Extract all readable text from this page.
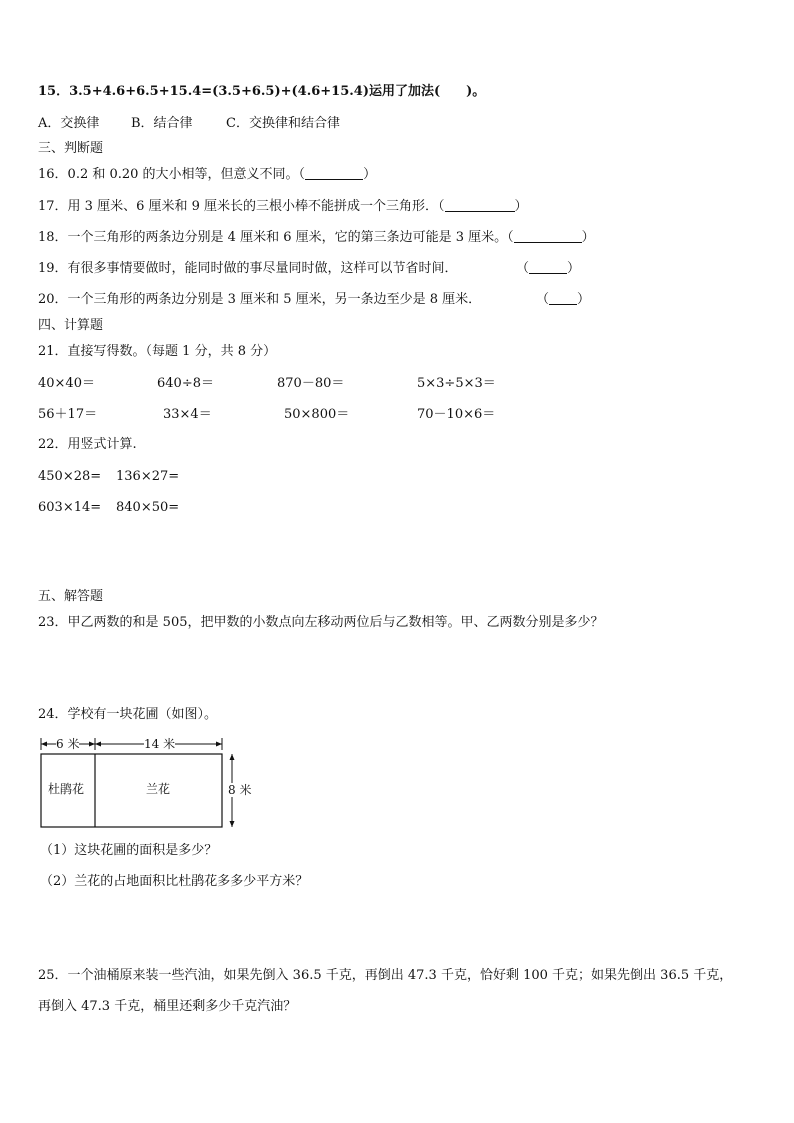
15．3.5+4.6+6.5+15.4=(3.5+6.5)+(4.6+15.4)运用了加法(　　)。
A．交换律 B．结合律	C．交换律和结合律
三、判断题
16．0.2 和 0.20 的大小相等，但意义不同。（	）
17．用 3 厘米、6 厘米和 9 厘米长的三根小棒不能拼成一个三角形．（	）
18．一个三角形的两条边分别是 4 厘米和 6 厘米，它的第三条边可能是 3 厘米。（	）
19．有很多事情要做时，能同时做的事尽量同时做，这样可以节省时间．	（	）
20．一个三角形的两条边分别是 3 厘米和 5 厘米，另一条边至少是 8 厘米．	（ ）
四、计算题
21．直接写得数。（每题 1 分，共 8 分）
40×40＝	640÷8＝	870－80＝	5×3÷5×3＝
56＋17＝	33×4＝	50×800＝	70－10×6＝
22．用竖式计算.
450×28= 136×27=
603×14= 840×50=
五、解答题
23．甲乙两数的和是 505，把甲数的小数点向左移动两位后与乙数相等。甲、乙两数分别是多少？
24．学校有一块花圃（如图）。
6 米	14 米
8 米
杜鹃花	兰花
（1）这块花圃的面积是多少？
（2）兰花的占地面积比杜鹃花多多少平方米？
25．一个油桶原来装一些汽油，如果先倒入 36.5 千克，再倒出 47.3 千克，恰好剩 100 千克；如果先倒出 36.5 千克，
再倒入 47.3 千克，桶里还剩多少千克汽油？
